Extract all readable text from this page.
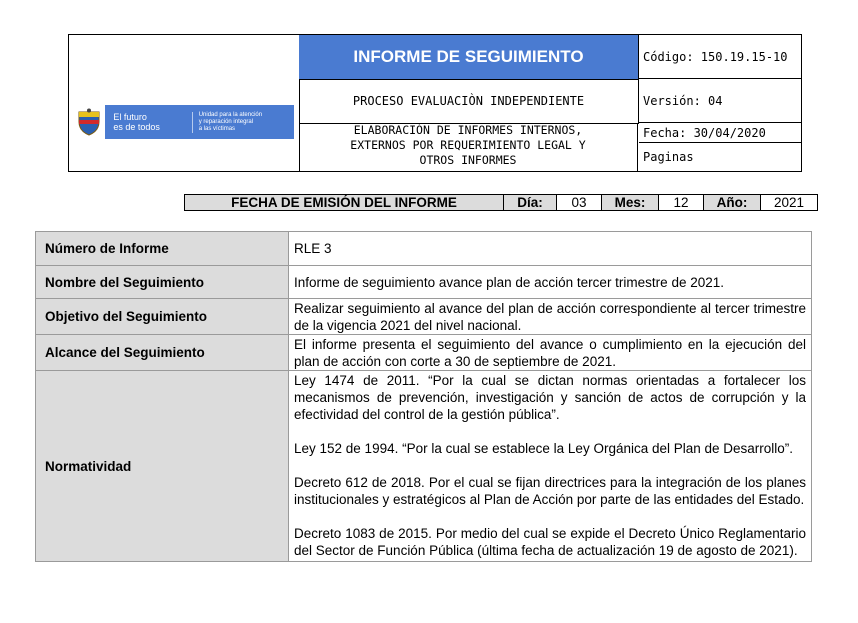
El futuro
es de todos
Unidad para la atención
y reparación integral
a las víctimas
INFORME DE SEGUIMIENTO
PROCESO EVALUACIÒN INDEPENDIENTE
ELABORACIÓN DE INFORMES INTERNOS,
EXTERNOS POR REQUERIMIENTO LEGAL Y
OTROS INFORMES
Código: 150.19.15-10
Versión: 04
Fecha: 30/04/2020
Paginas
FECHA DE EMISIÓN DEL INFORME	Día:	03	Mes:	12	Año:	2021
Número de Informe	RLE 3
Nombre del Seguimiento	Informe de seguimiento avance plan de acción tercer trimestre de 2021.
Objetivo del Seguimiento	Realizar seguimiento al avance del plan de acción correspondiente al tercer trimestre de la vigencia 2021 del nivel nacional.
Alcance del Seguimiento	El informe presenta el seguimiento del avance o cumplimiento en la ejecución del plan de acción con corte a 30 de septiembre de 2021.
Normatividad	Ley 1474 de 2011. “Por la cual se dictan normas orientadas a fortalecer los mecanismos de prevención, investigación y sanción de actos de corrupción y la efectividad del control de la gestión pública”.

Ley 152 de 1994. “Por la cual se establece la Ley Orgánica del Plan de Desarrollo”.

Decreto 612 de 2018. Por el cual se fijan directrices para la integración de los planes institucionales y estratégicos al Plan de Acción por parte de las entidades del Estado.

Decreto 1083 de 2015. Por medio del cual se expide el Decreto Único Reglamentario del Sector de Función Pública (última fecha de actualización 19 de agosto de 2021).
